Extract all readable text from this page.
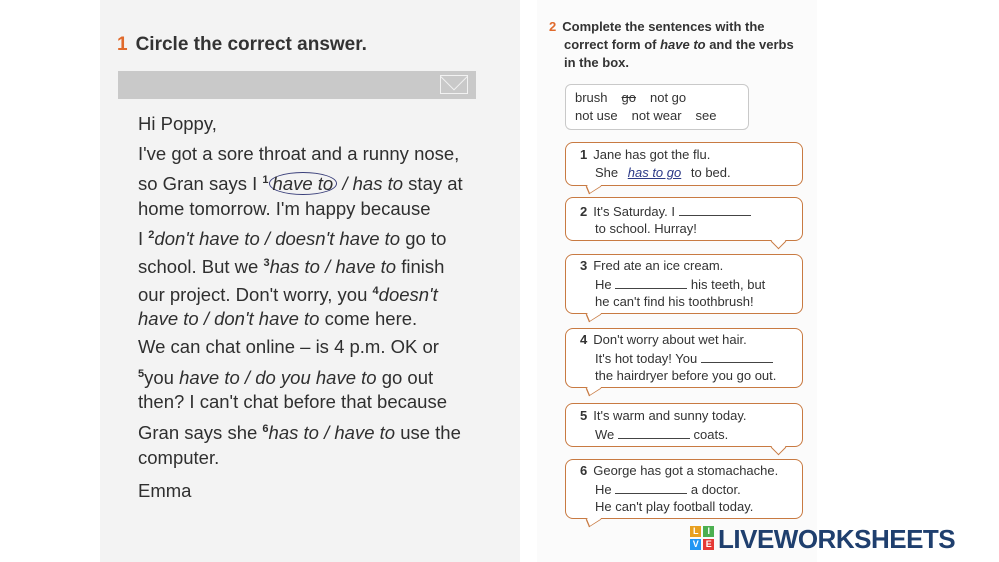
1 Circle the correct answer.
Hi Poppy,
I've got a sore throat and a runny nose,
so Gran says I $^1$ have to / has to stay at
home tomorrow. I'm happy because
I $^2$don't have to / doesn't have to go to
school. But we $^3$has to / have to finish
our project. Don't worry, you $^4$doesn't
have to / don't have to come here.
We can chat online – is 4 p.m. OK or
$^5$you have to / do you have to go out
then? I can't chat before that because
Gran says she $^6$has to / have to use the
computer.
Emma
2 Complete the sentences with the
correct form of have to and the verbs
in the box.
brush go not go
not use not wear see
1 Jane has got the flu.
She has to go to bed.
2 It's Saturday. I
to school. Hurray!
3 Fred ate an ice cream.
He	his teeth, but
he can't find his toothbrush!
4 Don't worry about wet hair.
It's hot today! You
the hairdryer before you go out.
5 It's warm and sunny today.
We	coats.
6 George has got a stomachache.
He	a doctor.
He can't play football today.
L	I
V E LIVEWORKSHEETS
